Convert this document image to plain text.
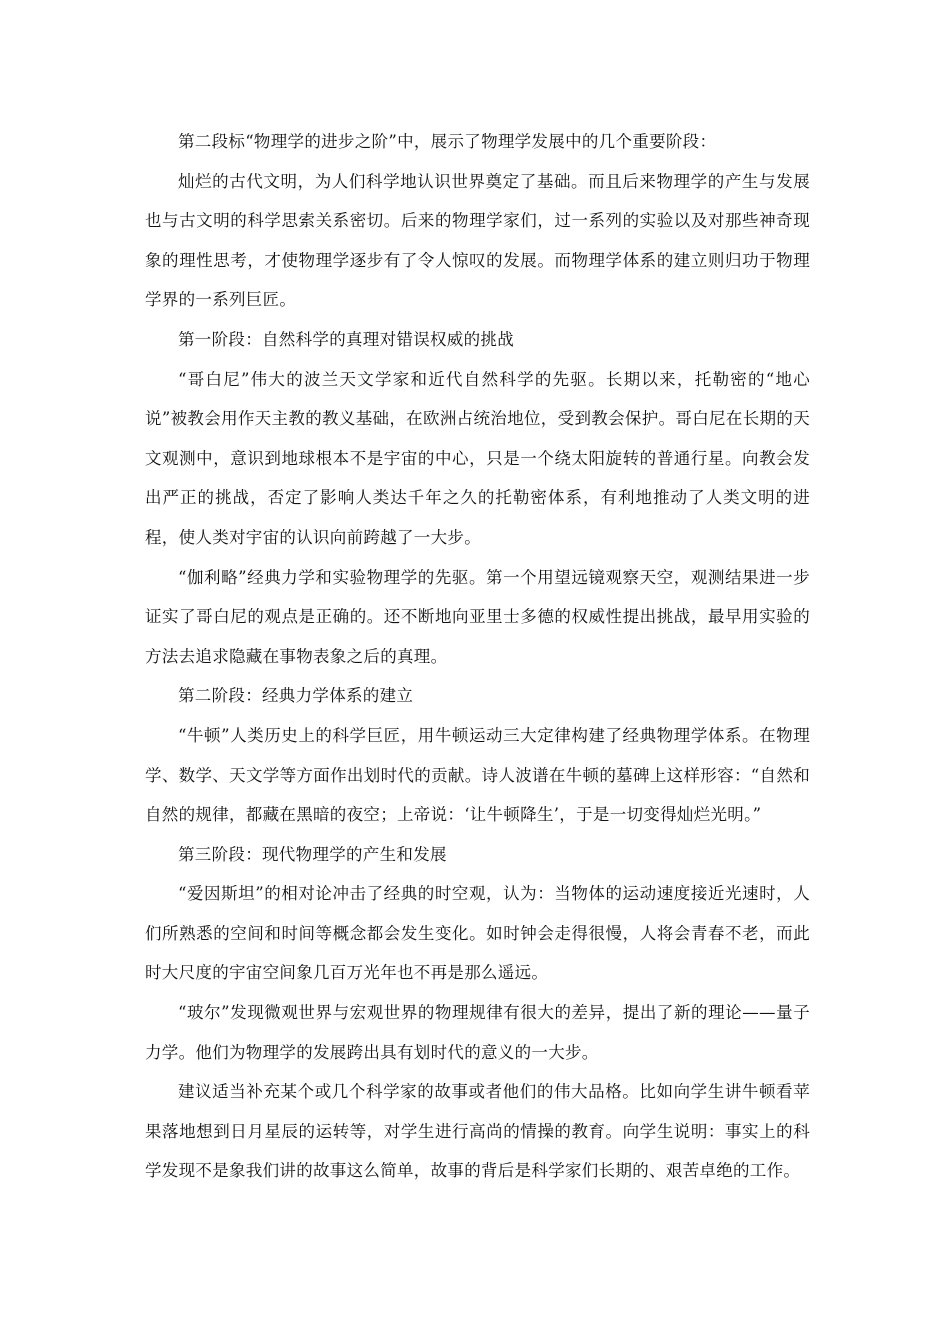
第二段标“物理学的进步之阶”中，展示了物理学发展中的几个重要阶段：

灿烂的古代文明，为人们科学地认识世界奠定了基础。而且后来物理学的产生与发展也与古文明的科学思索关系密切。后来的物理学家们，过一系列的实验以及对那些神奇现象的理性思考，才使物理学逐步有了令人惊叹的发展。而物理学体系的建立则归功于物理学界的一系列巨匠。

第一阶段：自然科学的真理对错误权威的挑战

“哥白尼”伟大的波兰天文学家和近代自然科学的先驱。长期以来，托勒密的“地心说”被教会用作天主教的教义基础，在欧洲占统治地位，受到教会保护。哥白尼在长期的天文观测中，意识到地球根本不是宇宙的中心，只是一个绕太阳旋转的普通行星。向教会发出严正的挑战，否定了影响人类达千年之久的托勒密体系，有利地推动了人类文明的进程，使人类对宇宙的认识向前跨越了一大步。

“伽利略”经典力学和实验物理学的先驱。第一个用望远镜观察天空，观测结果进一步证实了哥白尼的观点是正确的。还不断地向亚里士多德的权威性提出挑战，最早用实验的方法去追求隐藏在事物表象之后的真理。

第二阶段：经典力学体系的建立

“牛顿”人类历史上的科学巨匠，用牛顿运动三大定律构建了经典物理学体系。在物理学、数学、天文学等方面作出划时代的贡献。诗人波谱在牛顿的墓碑上这样形容：“自然和自然的规律，都藏在黑暗的夜空；上帝说：‘让牛顿降生’，于是一切变得灿烂光明。”

第三阶段：现代物理学的产生和发展

“爱因斯坦”的相对论冲击了经典的时空观，认为：当物体的运动速度接近光速时，人们所熟悉的空间和时间等概念都会发生变化。如时钟会走得很慢，人将会青春不老，而此时大尺度的宇宙空间象几百万光年也不再是那么遥远。

“玻尔”发现微观世界与宏观世界的物理规律有很大的差异，提出了新的理论——量子力学。他们为物理学的发展跨出具有划时代的意义的一大步。

建议适当补充某个或几个科学家的故事或者他们的伟大品格。比如向学生讲牛顿看苹果落地想到日月星辰的运转等，对学生进行高尚的情操的教育。向学生说明：事实上的科学发现不是象我们讲的故事这么简单，故事的背后是科学家们长期的、艰苦卓绝的工作。
